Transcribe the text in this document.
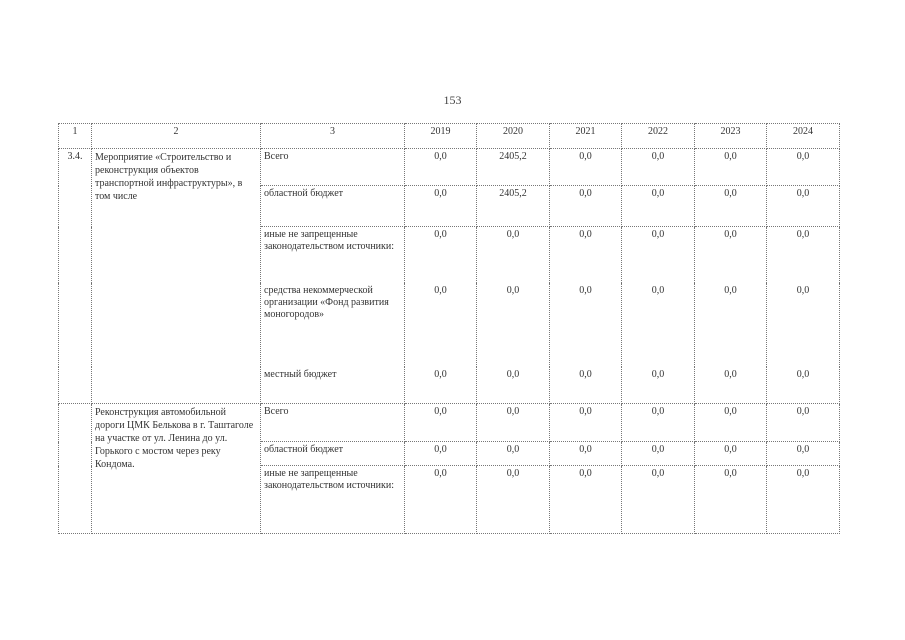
153
1	2	3	2019	2020	2021	2022	2023	2024
3.4.	Мероприятие «Строительство и реконструкция объектов транспортной инфраструктуры», в том числе	Всего	0,0	2405,2	0,0	0,0	0,0	0,0
		областной бюджет	0,0	2405,2	0,0	0,0	0,0	0,0
		иные не запрещенные законодательством источники:	0,0	0,0	0,0	0,0	0,0	0,0
		средства некоммерческой организации «Фонд развития моногородов»	0,0	0,0	0,0	0,0	0,0	0,0
		местный бюджет	0,0	0,0	0,0	0,0	0,0	0,0
	Реконструкция автомобильной дороги ЦМК Белькова в г. Таштаголе на участке от ул. Ленина до ул. Горького с мостом через реку Кондома.	Всего	0,0	0,0	0,0	0,0	0,0	0,0
		областной бюджет	0,0	0,0	0,0	0,0	0,0	0,0
		иные не запрещенные законодательством источники:	0,0	0,0	0,0	0,0	0,0	0,0
